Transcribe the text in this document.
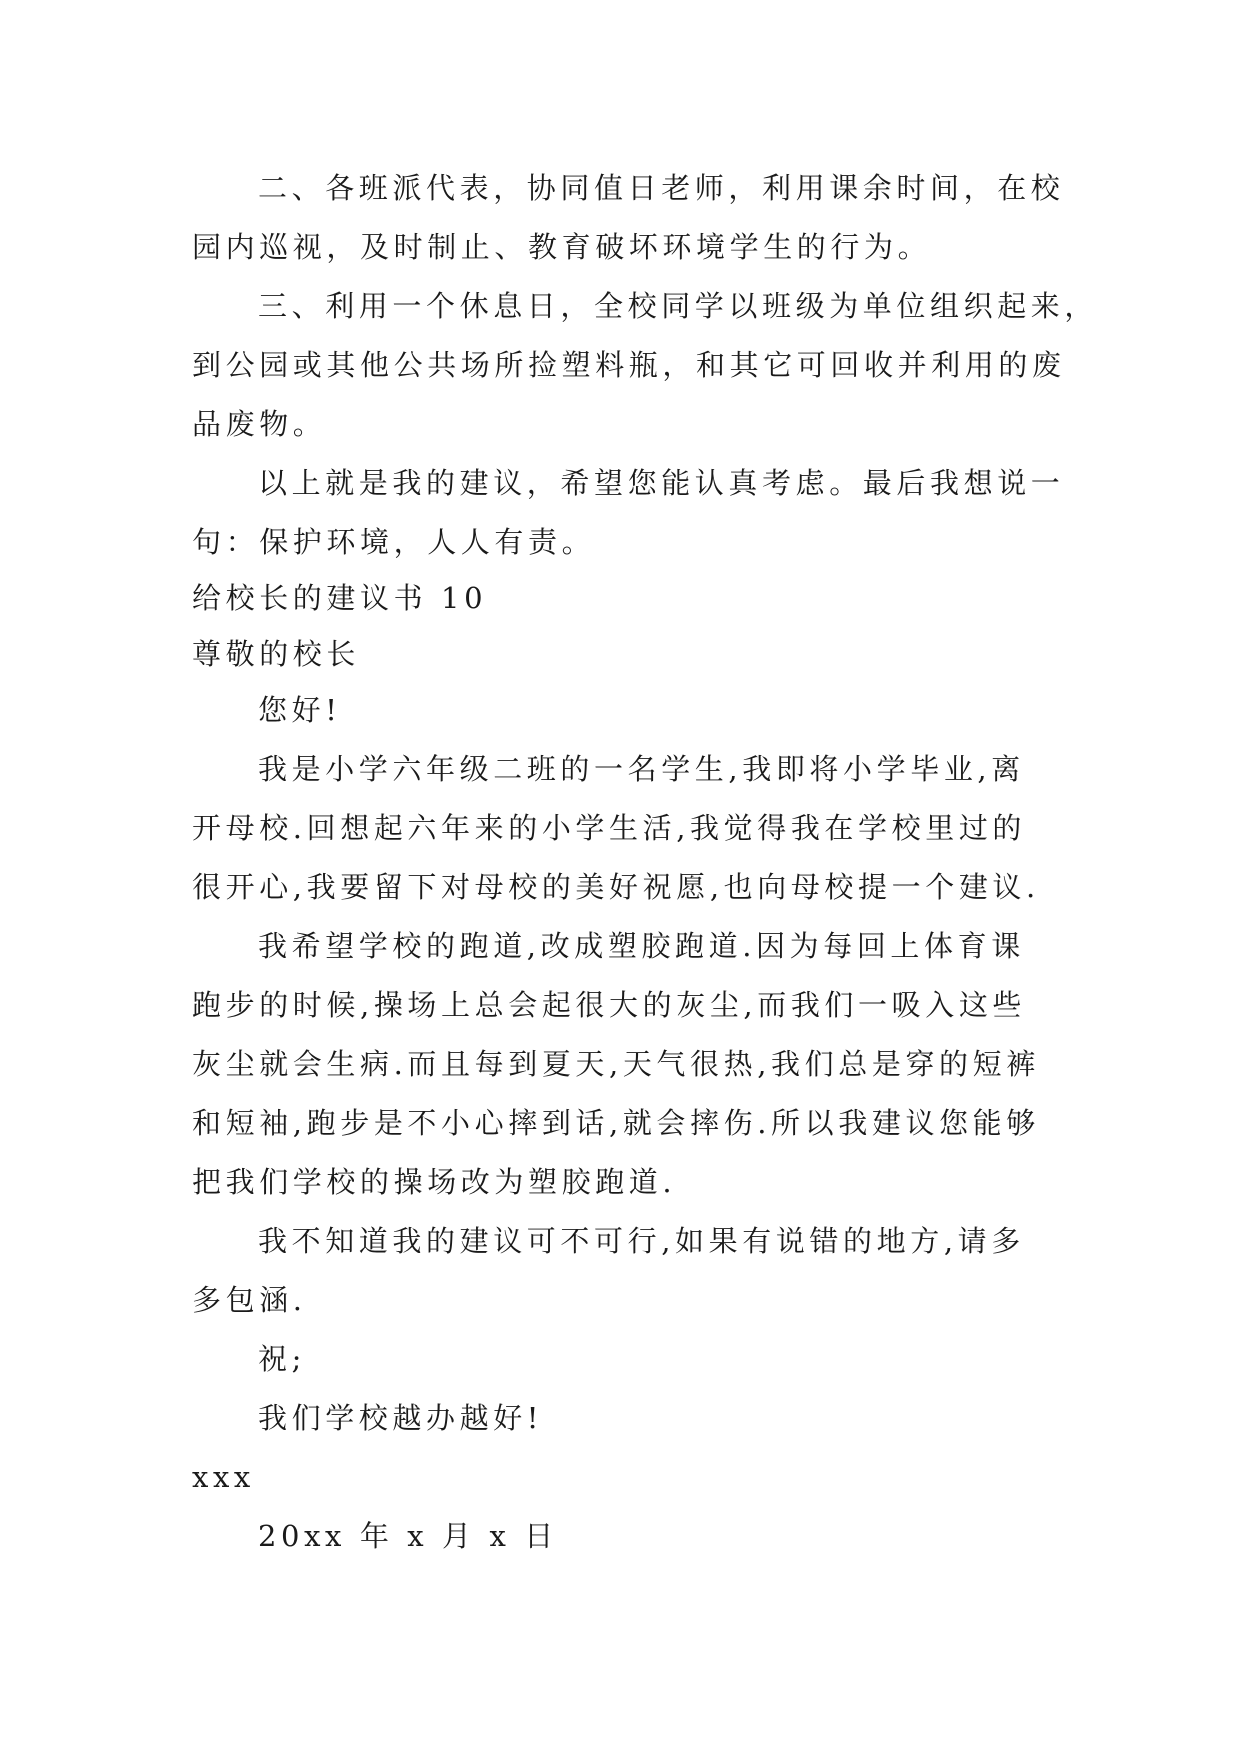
二、各班派代表，协同值日老师，利用课余时间，在校
园内巡视，及时制止、教育破坏环境学生的行为。
三、利用一个休息日，全校同学以班级为单位组织起来，
到公园或其他公共场所捡塑料瓶，和其它可回收并利用的废
品废物。
以上就是我的建议，希望您能认真考虑。最后我想说一
句：保护环境，人人有责。
给校长的建议书 10
尊敬的校长
您好!
我是小学六年级二班的一名学生,我即将小学毕业,离
开母校.回想起六年来的小学生活,我觉得我在学校里过的
很开心,我要留下对母校的美好祝愿,也向母校提一个建议.
我希望学校的跑道,改成塑胶跑道.因为每回上体育课
跑步的时候,操场上总会起很大的灰尘,而我们一吸入这些
灰尘就会生病.而且每到夏天,天气很热,我们总是穿的短裤
和短袖,跑步是不小心摔到话,就会摔伤.所以我建议您能够
把我们学校的操场改为塑胶跑道.
我不知道我的建议可不可行,如果有说错的地方,请多
多包涵.
祝;
我们学校越办越好!
xxx
20xx 年 x 月 x 日
